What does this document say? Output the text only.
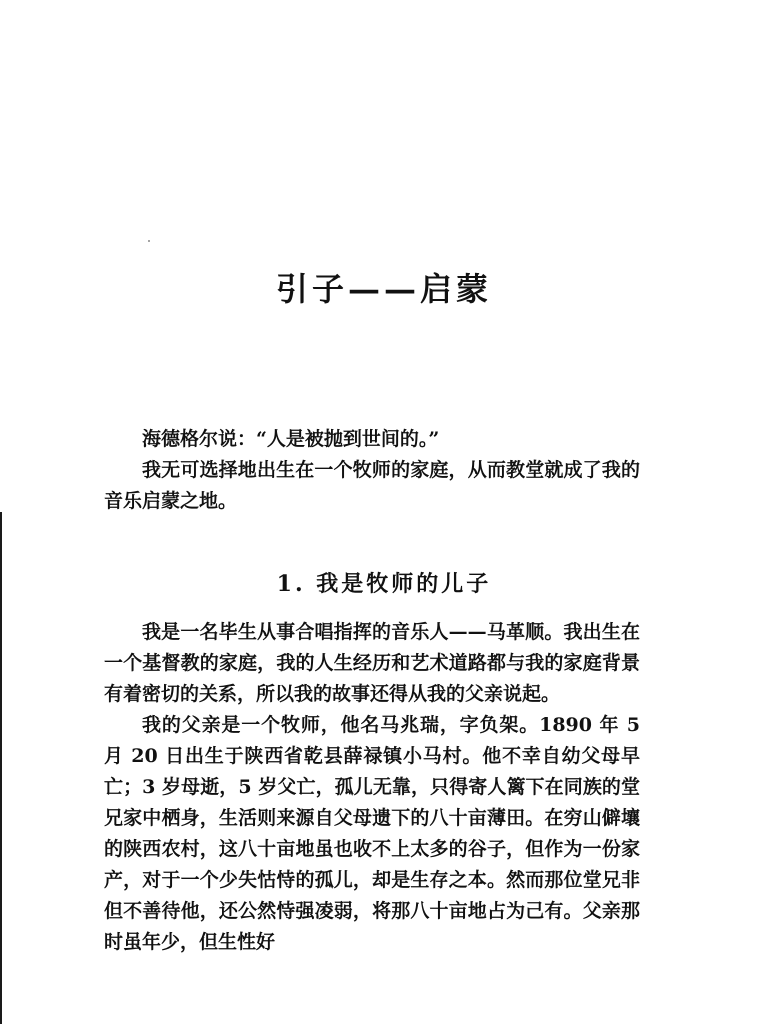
引子——启蒙

海德格尔说：“人是被抛到世间的。”

我无可选择地出生在一个牧师的家庭，从而教堂就成了我的音乐启蒙之地。

1. 我是牧师的儿子

我是一名毕生从事合唱指挥的音乐人——马革顺。我出生在一个基督教的家庭，我的人生经历和艺术道路都与我的家庭背景有着密切的关系，所以我的故事还得从我的父亲说起。

我的父亲是一个牧师，他名马兆瑞，字负架。1890 年 5 月 20 日出生于陕西省乾县薛禄镇小马村。他不幸自幼父母早亡；3 岁母逝，5 岁父亡，孤儿无靠，只得寄人篱下在同族的堂兄家中栖身，生活则来源自父母遗下的八十亩薄田。在穷山僻壤的陕西农村，这八十亩地虽也收不上太多的谷子，但作为一份家产，对于一个少失怙恃的孤儿，却是生存之本。然而那位堂兄非但不善待他，还公然恃强凌弱，将那八十亩地占为己有。父亲那时虽年少，但生性好
